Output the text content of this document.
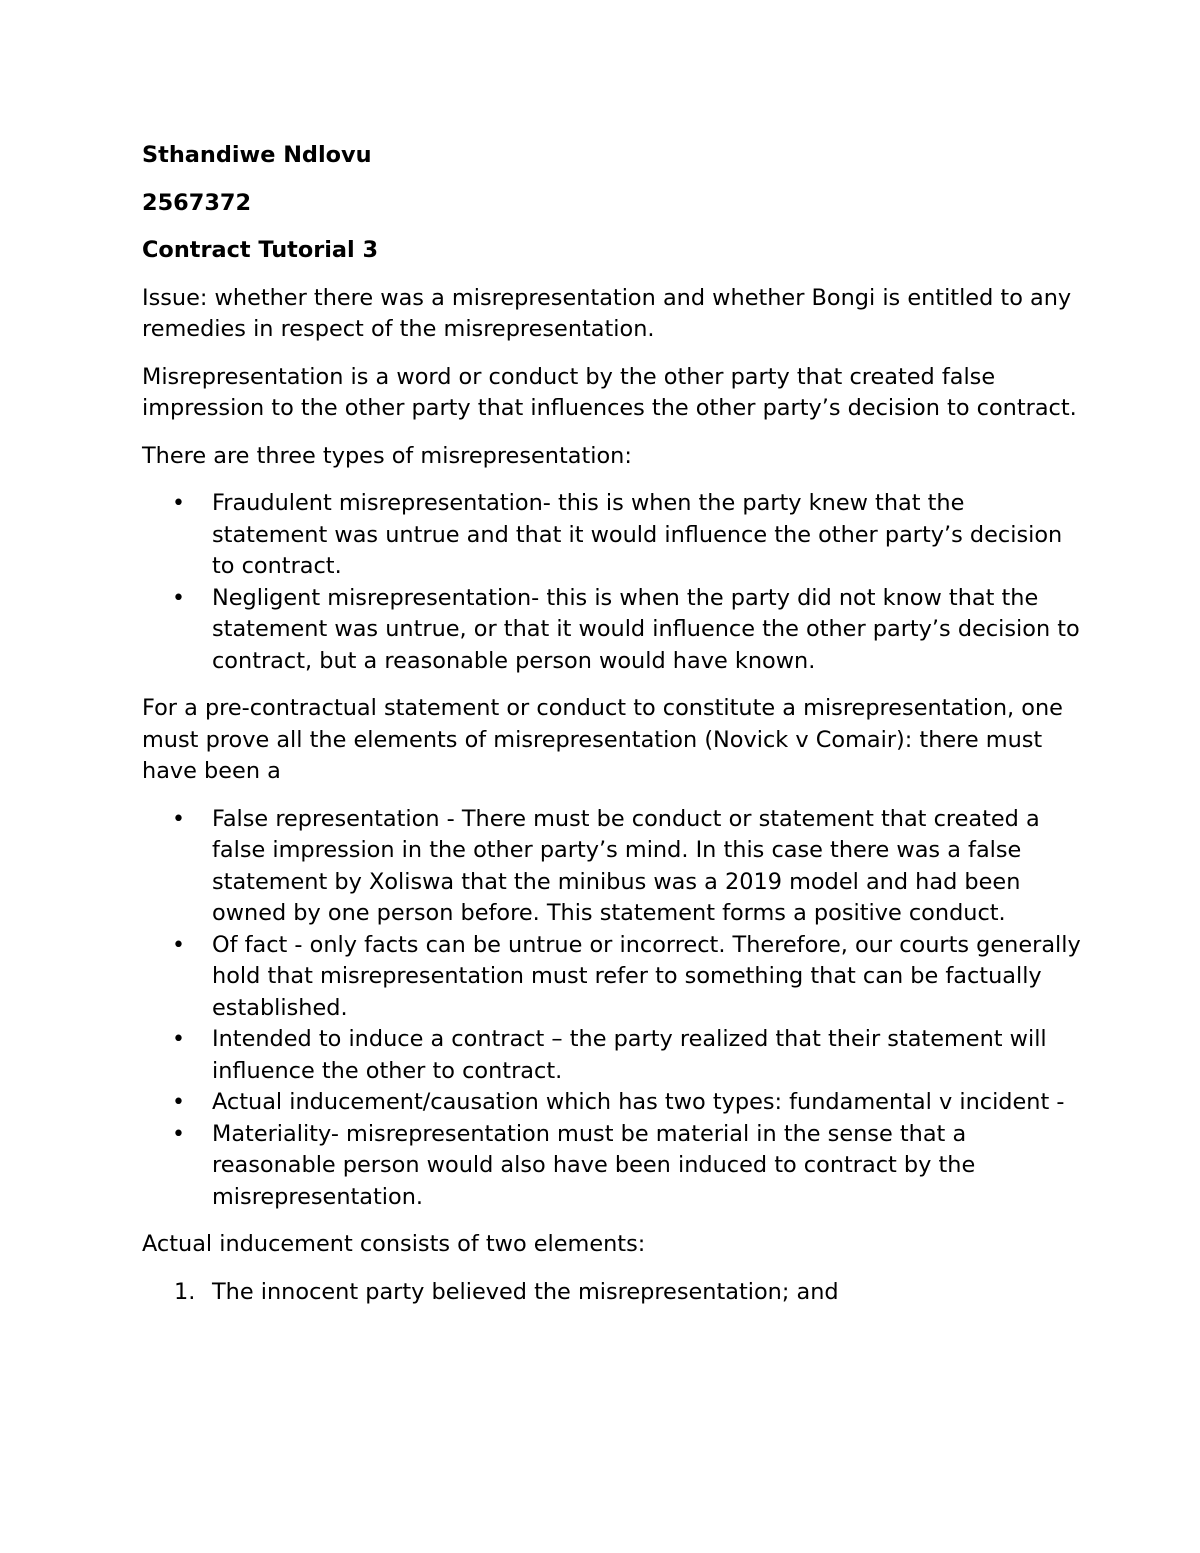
Sthandiwe Ndlovu
2567372
Contract Tutorial 3

Issue: whether there was a misrepresentation and whether Bongi is entitled to any remedies in respect of the misrepresentation.

Misrepresentation is a word or conduct by the other party that created false impression to the other party that influences the other party’s decision to contract.

There are three types of misrepresentation:

• Fraudulent misrepresentation- this is when the party knew that the statement was untrue and that it would influence the other party’s decision to contract.
• Negligent misrepresentation- this is when the party did not know that the statement was untrue, or that it would influence the other party’s decision to contract, but a reasonable person would have known.

For a pre-contractual statement or conduct to constitute a misrepresentation, one must prove all the elements of misrepresentation (Novick v Comair): there must have been a

• False representation - There must be conduct or statement that created a false impression in the other party’s mind. In this case there was a false statement by Xoliswa that the minibus was a 2019 model and had been owned by one person before. This statement forms a positive conduct.
• Of fact - only facts can be untrue or incorrect. Therefore, our courts generally hold that misrepresentation must refer to something that can be factually established.
• Intended to induce a contract – the party realized that their statement will influence the other to contract.
• Actual inducement/causation which has two types: fundamental v incident -
• Materiality- misrepresentation must be material in the sense that a reasonable person would also have been induced to contract by the misrepresentation.

Actual inducement consists of two elements:

1. The innocent party believed the misrepresentation; and
